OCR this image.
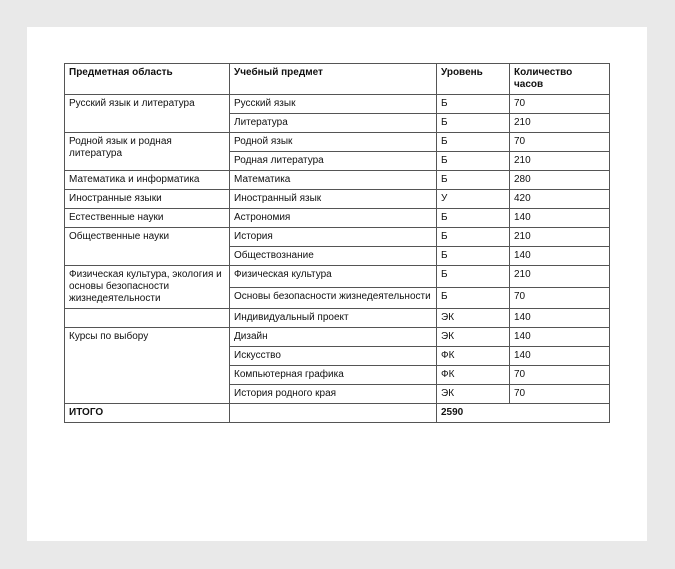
Предметная область	Учебный предмет	Уровень	Количество часов
Русский язык и литература	Русский язык	Б	70
	Литература	Б	210
Родной язык и родная литература	Родной язык	Б	70
	Родная литература	Б	210
Математика и информатика	Математика	Б	280
Иностранные языки	Иностранный язык	У	420
Естественные науки	Астрономия	Б	140
Общественные науки	История	Б	210
	Обществознание	Б	140
Физическая культура, экология и основы безопасности жизнедеятельности	Физическая культура	Б	210
	Основы безопасности жизнедеятельности	Б	70
	Индивидуальный проект	ЭК	140
Курсы по выбору	Дизайн	ЭК	140
	Искусство	ФК	140
	Компьютерная графика	ФК	70
	История родного края	ЭК	70
ИТОГО		2590	
